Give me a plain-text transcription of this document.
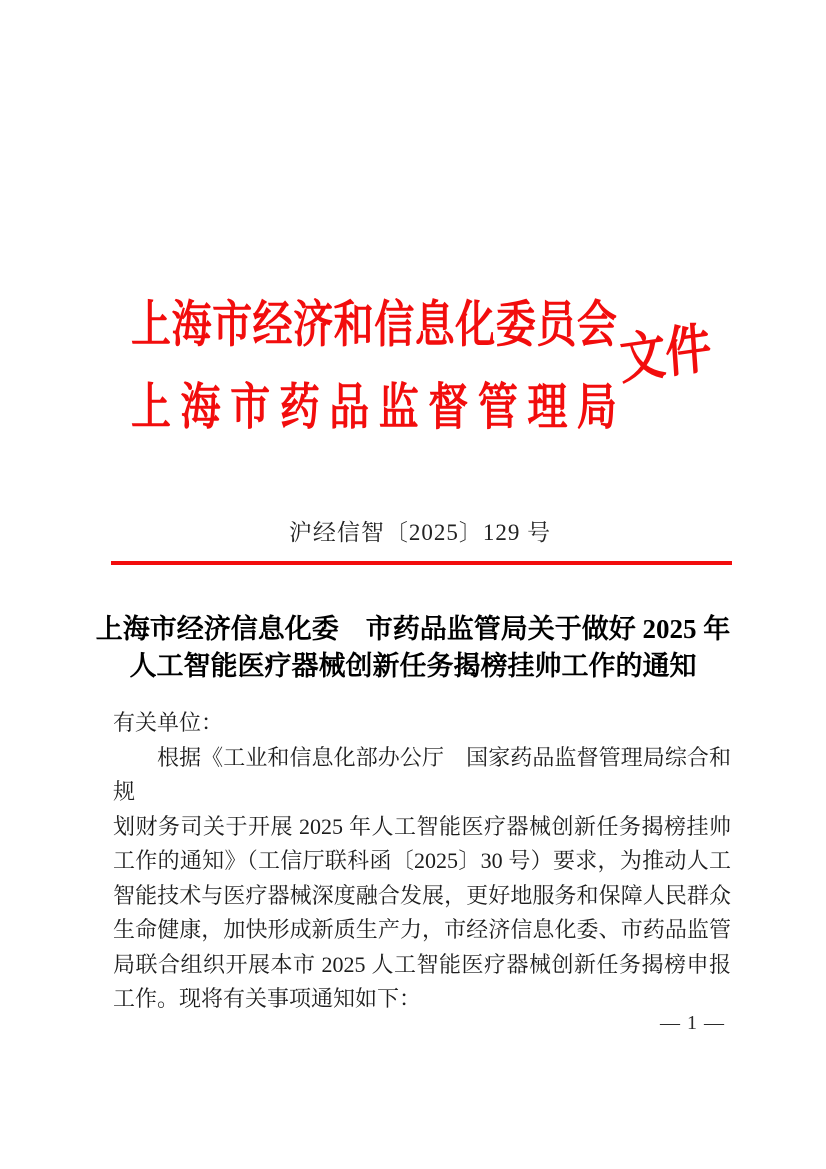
上 海 市 经 济 和 信 息 化 委 员 会
上 海 市 药 品 监 督 管 理 局
文件
沪经信智〔2025〕129 号
上海市经济信息化委　市药品监管局关于做好 2025 年
人工智能医疗器械创新任务揭榜挂帅工作的通知
有关单位：
根据《工业和信息化部办公厅　国家药品监督管理局综合和规
划财务司关于开展 2025 年人工智能医疗器械创新任务揭榜挂帅
工作的通知》（工信厅联科函〔2025〕30 号）要求，为推动人工
智能技术与医疗器械深度融合发展，更好地服务和保障人民群众
生命健康，加快形成新质生产力，市经济信息化委、市药品监管
局联合组织开展本市 2025 人工智能医疗器械创新任务揭榜申报
工作。现将有关事项通知如下：
— 1 —
